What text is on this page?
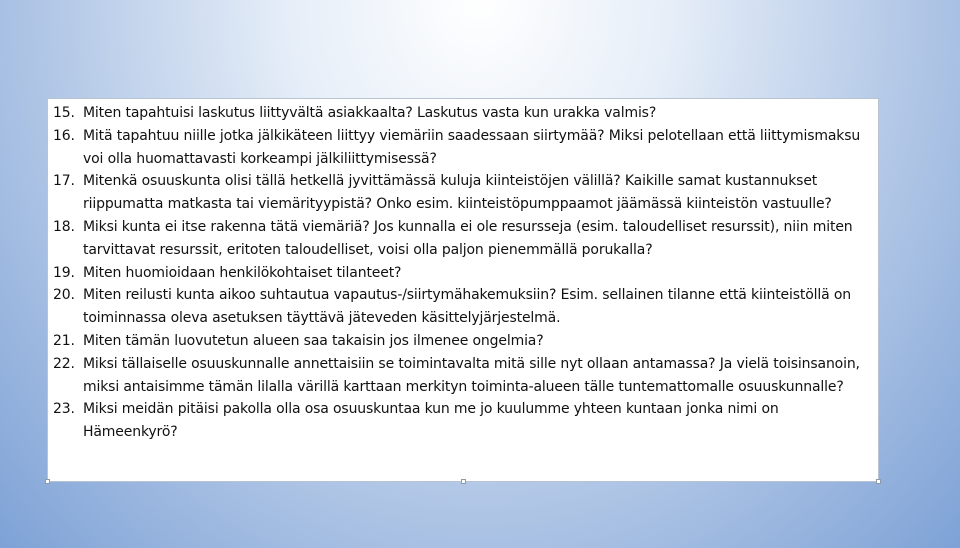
15. Miten tapahtuisi laskutus liittyvältä asiakkaalta? Laskutus vasta kun urakka valmis?
16. Mitä tapahtuu niille jotka jälkikäteen liittyy viemäriin saadessaan siirtymää? Miksi pelotellaan että liittymismaksu voi olla huomattavasti korkeampi jälkiliittymisessä?
17. Mitenkä osuuskunta olisi tällä hetkellä jyvittämässä kuluja kiinteistöjen välillä? Kaikille samat kustannukset riippumatta matkasta tai viemärityypistä? Onko esim. kiinteistöpumppaamot jäämässä kiinteistön vastuulle?
18. Miksi kunta ei itse rakenna tätä viemäriä? Jos kunnalla ei ole resursseja (esim. taloudelliset resurssit), niin miten tarvittavat resurssit, eritoten taloudelliset, voisi olla paljon pienemmällä porukalla?
19. Miten huomioidaan henkilökohtaiset tilanteet?
20. Miten reilusti kunta aikoo suhtautua vapautus-/siirtymähakemuksiin? Esim. sellainen tilanne että kiinteistöllä on toiminnassa oleva asetuksen täyttävä jäteveden käsittelyjärjestelmä.
21. Miten tämän luovutetun alueen saa takaisin jos ilmenee ongelmia?
22. Miksi tällaiselle osuuskunnalle annettaisiin se toimintavalta mitä sille nyt ollaan antamassa? Ja vielä toisinsanoin, miksi antaisimme tämän lilalla värillä karttaan merkityn toiminta-alueen tälle tuntemattomalle osuuskunnalle?
23. Miksi meidän pitäisi pakolla olla osa osuuskuntaa kun me jo kuulumme yhteen kuntaan jonka nimi on Hämeenkyrö?
